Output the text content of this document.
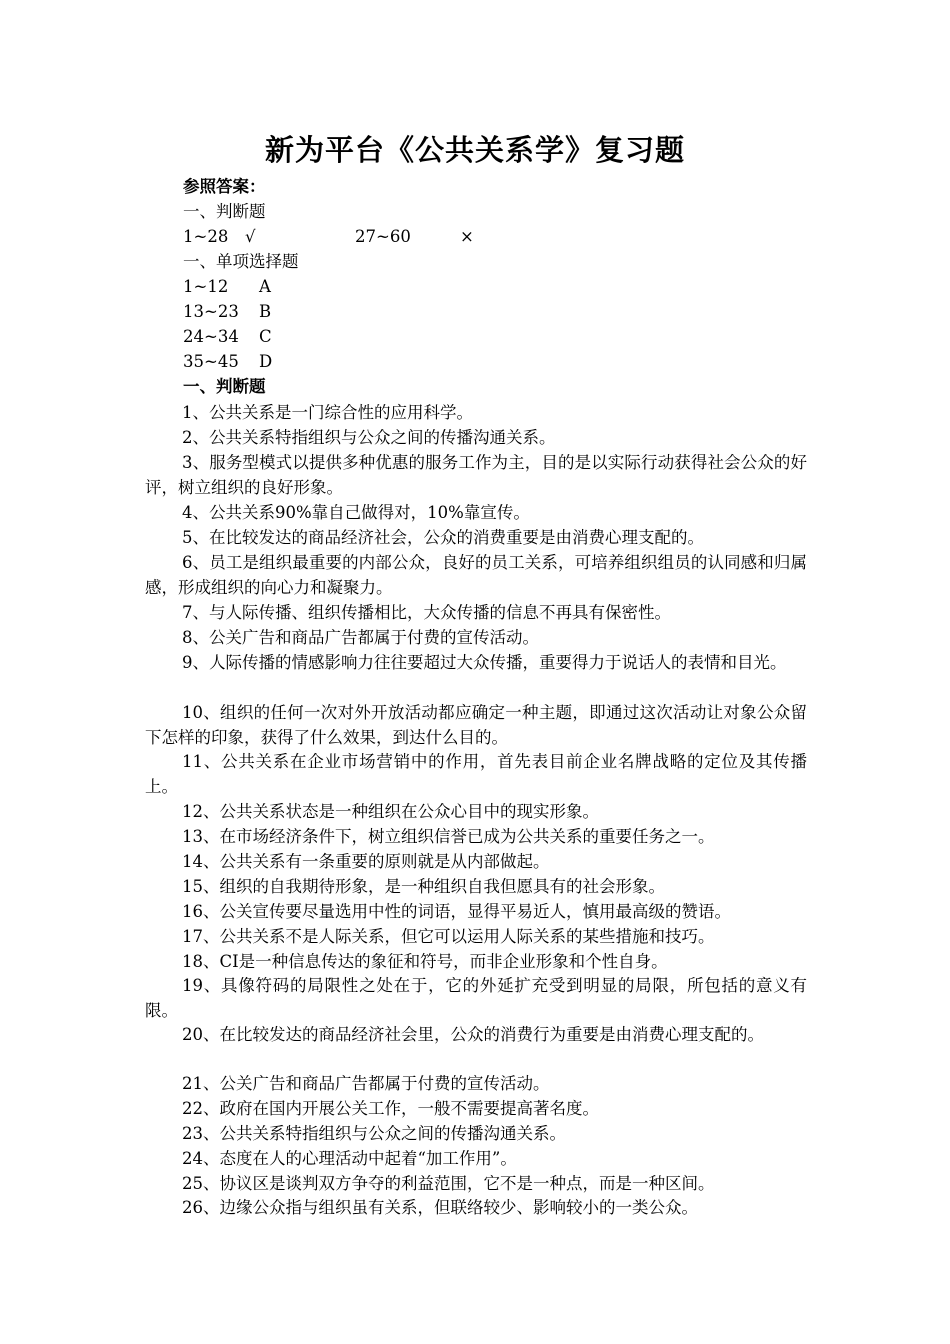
新为平台《公共关系学》复习题
参照答案：
一、判断题
1~28 √	27~60	×
一、单项选择题
1~12 A
13~23 B
24~34 C
35~45 D
一、判断题
1、公共关系是一门综合性的应用科学。
2、公共关系特指组织与公众之间的传播沟通关系。
3、服务型模式以提供多种优惠的服务工作为主，目的是以实际行动获得社会公众的好评，树立组织的良好形象。
4、公共关系90%靠自己做得对，10%靠宣传。
5、在比较发达的商品经济社会，公众的消费重要是由消费心理支配的。
6、员工是组织最重要的内部公众，良好的员工关系，可培养组织组员的认同感和归属感，形成组织的向心力和凝聚力。
7、与人际传播、组织传播相比，大众传播的信息不再具有保密性。
8、公关广告和商品广告都属于付费的宣传活动。
9、人际传播的情感影响力往往要超过大众传播，重要得力于说话人的表情和目光。
10、组织的任何一次对外开放活动都应确定一种主题，即通过这次活动让对象公众留下怎样的印象，获得了什么效果，到达什么目的。
11、公共关系在企业市场营销中的作用，首先表目前企业名牌战略的定位及其传播上。
12、公共关系状态是一种组织在公众心目中的现实形象。
13、在市场经济条件下，树立组织信誉已成为公共关系的重要任务之一。
14、公共关系有一条重要的原则就是从内部做起。
15、组织的自我期待形象，是一种组织自我但愿具有的社会形象。
16、公关宣传要尽量选用中性的词语，显得平易近人，慎用最高级的赞语。
17、公共关系不是人际关系，但它可以运用人际关系的某些措施和技巧。
18、CI是一种信息传达的象征和符号，而非企业形象和个性自身。
19、具像符码的局限性之处在于，它的外延扩充受到明显的局限，所包括的意义有限。
20、在比较发达的商品经济社会里，公众的消费行为重要是由消费心理支配的。
21、公关广告和商品广告都属于付费的宣传活动。
22、政府在国内开展公关工作，一般不需要提高著名度。
23、公共关系特指组织与公众之间的传播沟通关系。
24、态度在人的心理活动中起着“加工作用”。
25、协议区是谈判双方争夺的利益范围，它不是一种点，而是一种区间。
26、边缘公众指与组织虽有关系，但联络较少、影响较小的一类公众。
